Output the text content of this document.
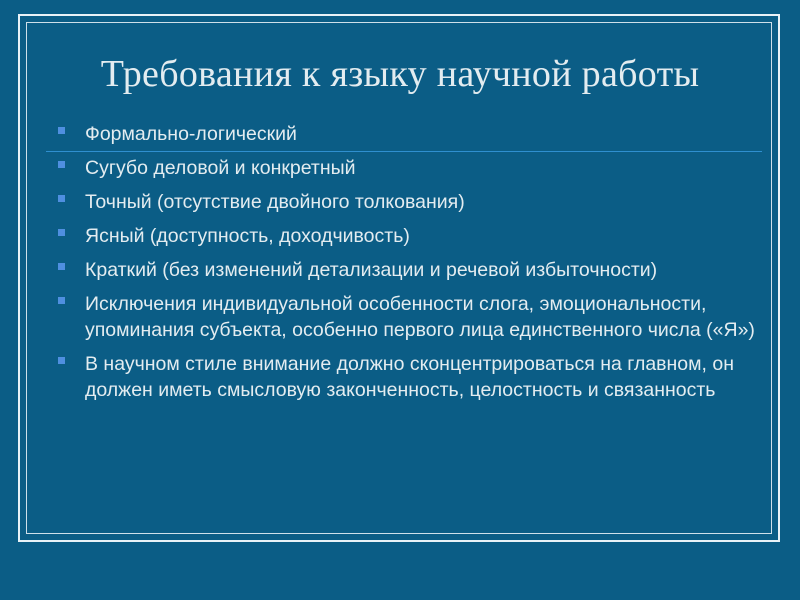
Требования к языку научной работы
Формально-логический
Сугубо деловой и конкретный
Точный (отсутствие двойного толкования)
Ясный (доступность, доходчивость)
Краткий (без изменений детализации и речевой избыточности)
Исключения индивидуальной особенности слога, эмоциональности, упоминания субъекта, особенно первого лица единственного числа («Я»)
В научном стиле внимание должно сконцентрироваться на главном, он должен иметь смысловую законченность, целостность и связанность
